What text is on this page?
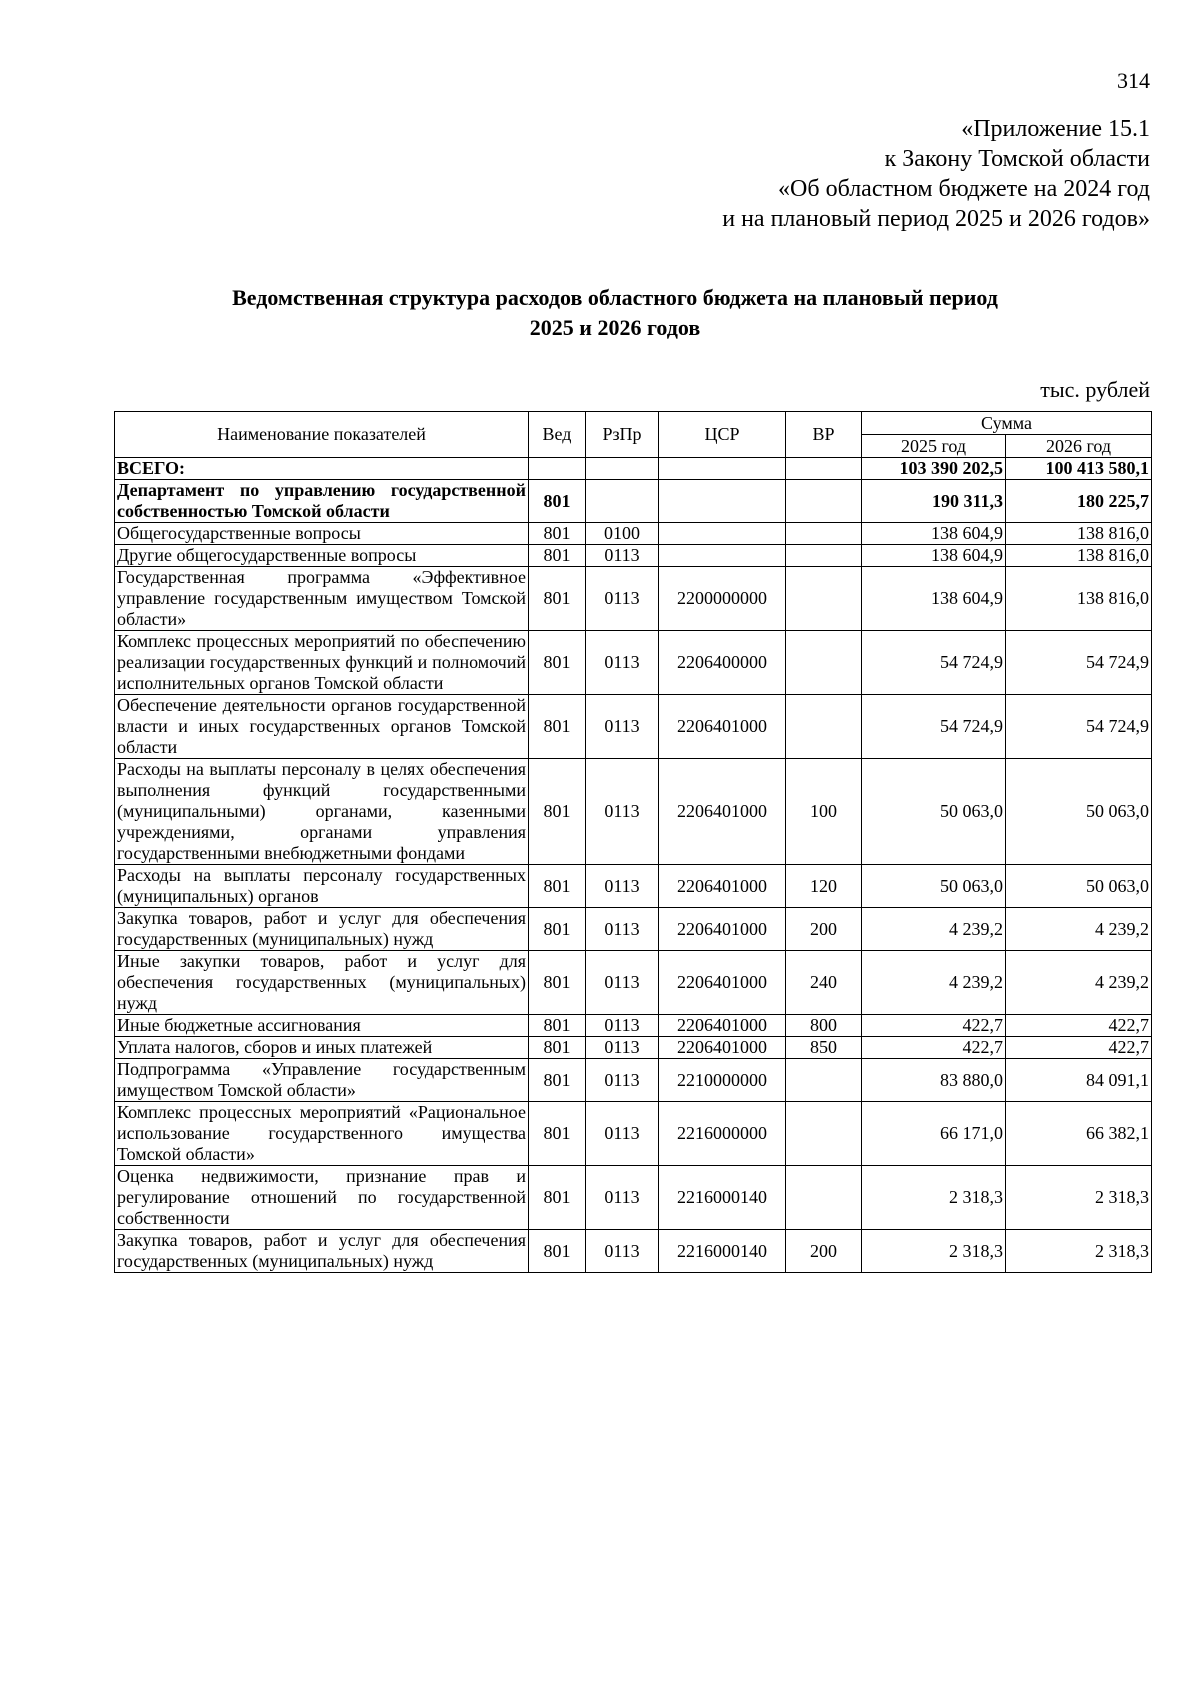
314
«Приложение 15.1
к Закону Томской области
«Об областном бюджете на 2024 год
и на плановый период 2025 и 2026 годов»
Ведомственная структура расходов областного бюджета на плановый период
2025 и 2026 годов
тыс. рублей
Наименование показателей	Вед	РзПр	ЦСР	ВР	Сумма	
					2025 год	2026 год
ВСЕГО:					103 390 202,5	100 413 580,1
Департамент по управлению государственной собственностью Томской области	801				190 311,3	180 225,7
Общегосударственные вопросы	801	0100			138 604,9	138 816,0
Другие общегосударственные вопросы	801	0113			138 604,9	138 816,0
Государственная программа «Эффективное управление государственным имуществом Томской области»	801	0113	2200000000		138 604,9	138 816,0
Комплекс процессных мероприятий по обеспечению реализации государственных функций и полномочий исполнительных органов Томской области	801	0113	2206400000		54 724,9	54 724,9
Обеспечение деятельности органов государственной власти и иных государственных органов Томской области	801	0113	2206401000		54 724,9	54 724,9
Расходы на выплаты персоналу в целях обеспечения выполнения функций государственными (муниципальными) органами, казенными учреждениями, органами управления государственными внебюджетными фондами	801	0113	2206401000	100	50 063,0	50 063,0
Расходы на выплаты персоналу государственных (муниципальных) органов	801	0113	2206401000	120	50 063,0	50 063,0
Закупка товаров, работ и услуг для обеспечения государственных (муниципальных) нужд	801	0113	2206401000	200	4 239,2	4 239,2
Иные закупки товаров, работ и услуг для обеспечения государственных (муниципальных) нужд	801	0113	2206401000	240	4 239,2	4 239,2
Иные бюджетные ассигнования	801	0113	2206401000	800	422,7	422,7
Уплата налогов, сборов и иных платежей	801	0113	2206401000	850	422,7	422,7
Подпрограмма «Управление государственным имуществом Томской области»	801	0113	2210000000		83 880,0	84 091,1
Комплекс процессных мероприятий «Рациональное использование государственного имущества Томской области»	801	0113	2216000000		66 171,0	66 382,1
Оценка недвижимости, признание прав и регулирование отношений по государственной собственности	801	0113	2216000140		2 318,3	2 318,3
Закупка товаров, работ и услуг для обеспечения государственных (муниципальных) нужд	801	0113	2216000140	200	2 318,3	2 318,3
